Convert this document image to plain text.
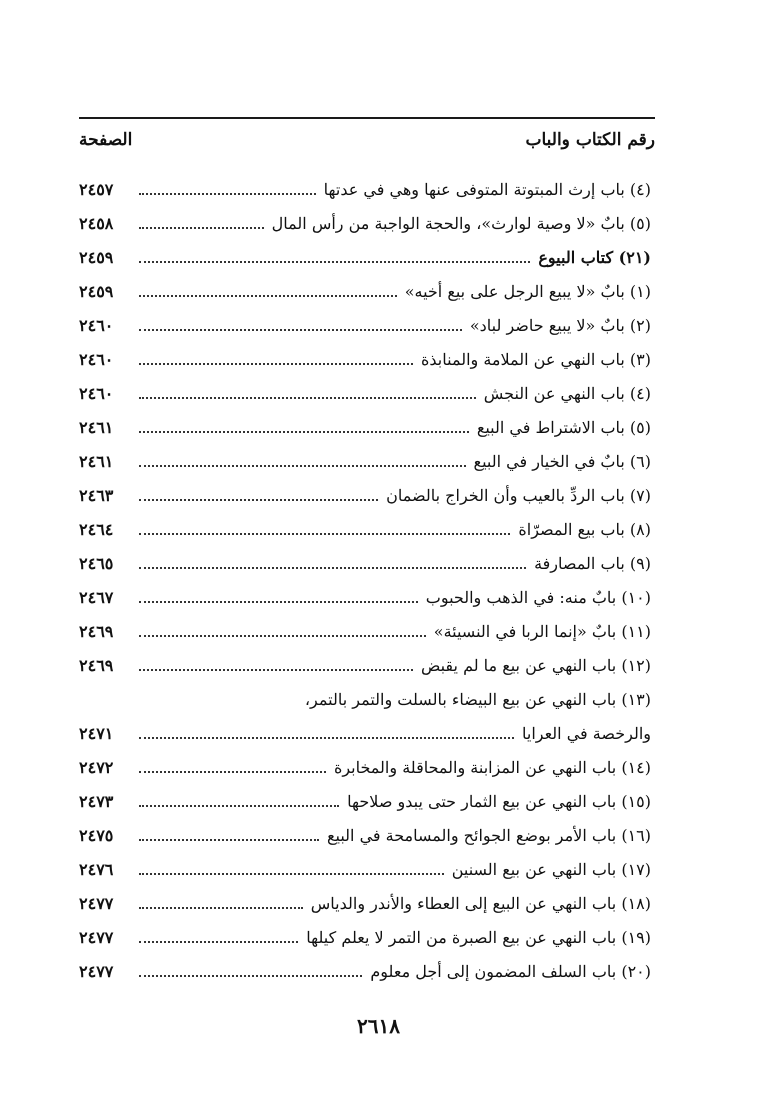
رقم الكتاب والباب
الصفحة
(٤) باب إرث المبتوتة المتوفى عنها وهي في عدتها
٢٤٥٧
(٥) بابٌ «لا وصية لوارث»، والحجة الواجبة من رأس المال
٢٤٥٨
(٢١) كتاب البيوع
٢٤٥٩
(١) بابٌ «لا يبيع الرجل على بيع أخيه»
٢٤٥٩
(٢) بابٌ «لا يبيع حاضر لباد»
٢٤٦٠
(٣) باب النهي عن الملامة والمنابذة
٢٤٦٠
(٤) باب النهي عن النجش
٢٤٦٠
(٥) باب الاشتراط في البيع
٢٤٦١
(٦) بابٌ في الخيار في البيع
٢٤٦١
(٧) باب الردِّ بالعيب وأن الخراج بالضمان
٢٤٦٣
(٨) باب بيع المصرّاة
٢٤٦٤
(٩) باب المصارفة
٢٤٦٥
(١٠) بابٌ منه: في الذهب والحبوب
٢٤٦٧
(١١) بابٌ «إنما الربا في النسيئة»
٢٤٦٩
(١٢) باب النهي عن بيع ما لم يقبض
٢٤٦٩
(١٣) باب النهي عن بيع البيضاء بالسلت والتمر بالتمر،
والرخصة في العرايا
٢٤٧١
(١٤) باب النهي عن المزابنة والمحاقلة والمخابرة
٢٤٧٢
(١٥) باب النهي عن بيع الثمار حتى يبدو صلاحها
٢٤٧٣
(١٦) باب الأمر بوضع الجوائح والمسامحة في البيع
٢٤٧٥
(١٧) باب النهي عن بيع السنين
٢٤٧٦
(١٨) باب النهي عن البيع إلى العطاء والأندر والدياس
٢٤٧٧
(١٩) باب النهي عن بيع الصبرة من التمر لا يعلم كيلها
٢٤٧٧
(٢٠) باب السلف المضمون إلى أجل معلوم
٢٤٧٧
٢٦١٨
